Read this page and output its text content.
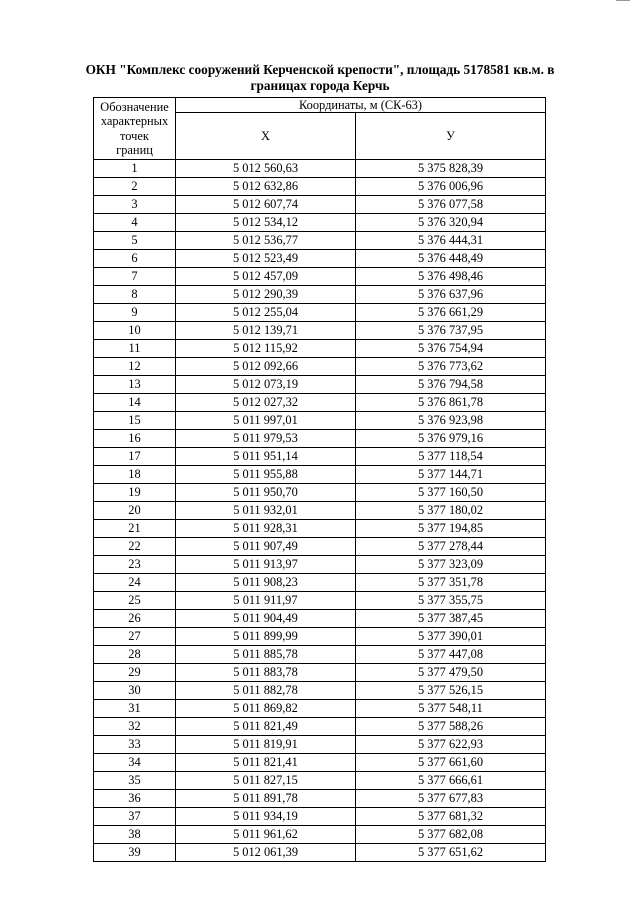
ОКН "Комплекс сооружений Керченской крепости", площадь 5178581 кв.м. в границах города Керчь
Обозначение
характерных
точек
границ	Координаты, м (СК-63)	
	Х	У
1	5 012 560,63	5 375 828,39
2	5 012 632,86	5 376 006,96
3	5 012 607,74	5 376 077,58
4	5 012 534,12	5 376 320,94
5	5 012 536,77	5 376 444,31
6	5 012 523,49	5 376 448,49
7	5 012 457,09	5 376 498,46
8	5 012 290,39	5 376 637,96
9	5 012 255,04	5 376 661,29
10	5 012 139,71	5 376 737,95
11	5 012 115,92	5 376 754,94
12	5 012 092,66	5 376 773,62
13	5 012 073,19	5 376 794,58
14	5 012 027,32	5 376 861,78
15	5 011 997,01	5 376 923,98
16	5 011 979,53	5 376 979,16
17	5 011 951,14	5 377 118,54
18	5 011 955,88	5 377 144,71
19	5 011 950,70	5 377 160,50
20	5 011 932,01	5 377 180,02
21	5 011 928,31	5 377 194,85
22	5 011 907,49	5 377 278,44
23	5 011 913,97	5 377 323,09
24	5 011 908,23	5 377 351,78
25	5 011 911,97	5 377 355,75
26	5 011 904,49	5 377 387,45
27	5 011 899,99	5 377 390,01
28	5 011 885,78	5 377 447,08
29	5 011 883,78	5 377 479,50
30	5 011 882,78	5 377 526,15
31	5 011 869,82	5 377 548,11
32	5 011 821,49	5 377 588,26
33	5 011 819,91	5 377 622,93
34	5 011 821,41	5 377 661,60
35	5 011 827,15	5 377 666,61
36	5 011 891,78	5 377 677,83
37	5 011 934,19	5 377 681,32
38	5 011 961,62	5 377 682,08
39	5 012 061,39	5 377 651,62
